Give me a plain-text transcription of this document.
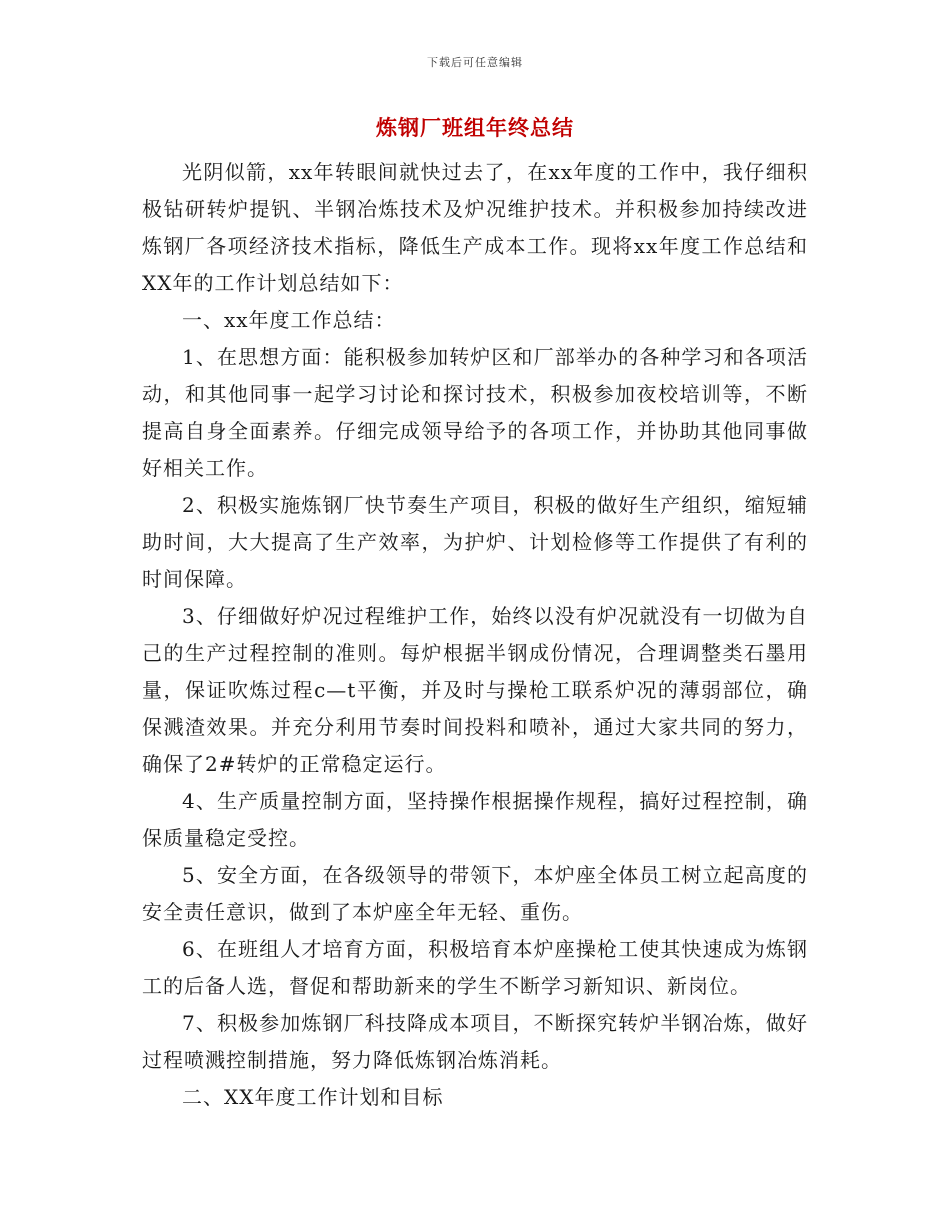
下载后可任意编辑
炼钢厂班组年终总结

光阴似箭，xx年转眼间就快过去了，在xx年度的工作中，我仔细积极钻研转炉提钒、半钢冶炼技术及炉况维护技术。并积极参加持续改进炼钢厂各项经济技术指标，降低生产成本工作。现将xx年度工作总结和XX年的工作计划总结如下：

一、xx年度工作总结：

1、在思想方面：能积极参加转炉区和厂部举办的各种学习和各项活动，和其他同事一起学习讨论和探讨技术，积极参加夜校培训等，不断提高自身全面素养。仔细完成领导给予的各项工作，并协助其他同事做好相关工作。

2、积极实施炼钢厂快节奏生产项目，积极的做好生产组织，缩短辅助时间，大大提高了生产效率，为护炉、计划检修等工作提供了有利的时间保障。

3、仔细做好炉况过程维护工作，始终以没有炉况就没有一切做为自己的生产过程控制的准则。每炉根据半钢成份情况，合理调整类石墨用量，保证吹炼过程c—t平衡，并及时与操枪工联系炉况的薄弱部位，确保溅渣效果。并充分利用节奏时间投料和喷补，通过大家共同的努力，确保了2#转炉的正常稳定运行。

4、生产质量控制方面，坚持操作根据操作规程，搞好过程控制，确保质量稳定受控。

5、安全方面，在各级领导的带领下，本炉座全体员工树立起高度的安全责任意识，做到了本炉座全年无轻、重伤。

6、在班组人才培育方面，积极培育本炉座操枪工使其快速成为炼钢工的后备人选，督促和帮助新来的学生不断学习新知识、新岗位。

7、积极参加炼钢厂科技降成本项目，不断探究转炉半钢冶炼，做好过程喷溅控制措施，努力降低炼钢冶炼消耗。

二、XX年度工作计划和目标
